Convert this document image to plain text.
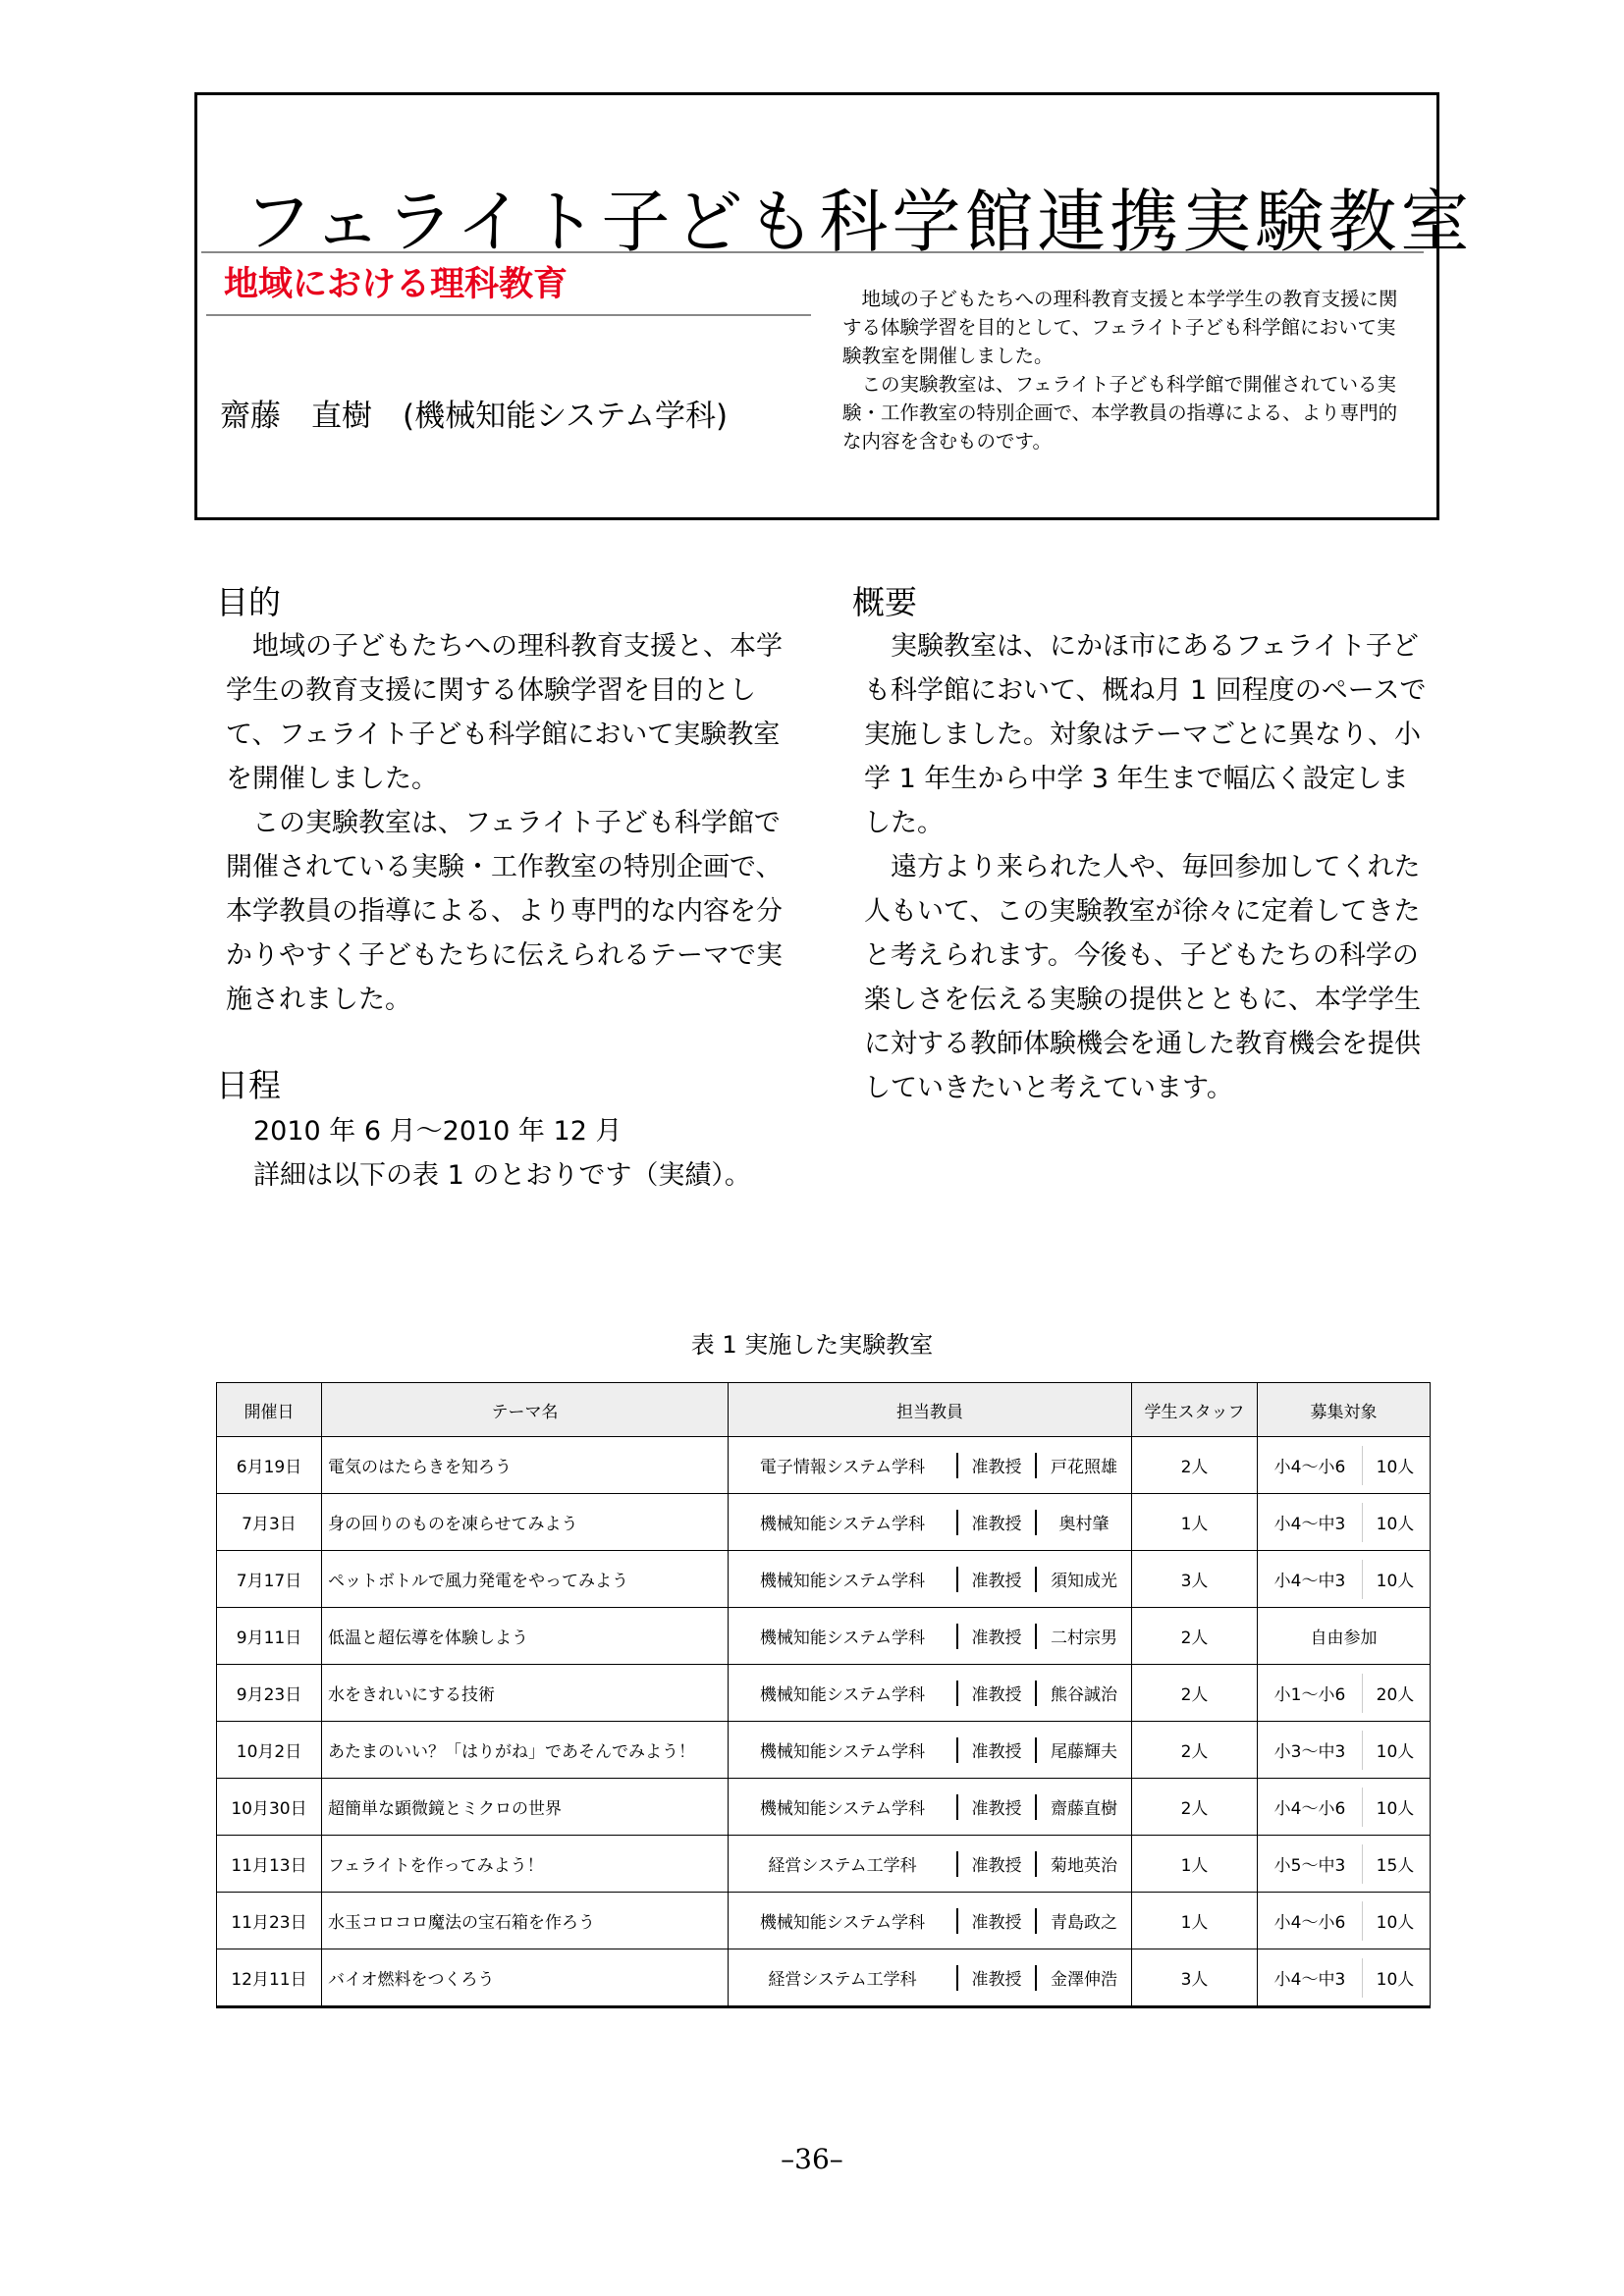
フェライト子ども科学館連携実験教室
地域における理科教育
齋藤　直樹　(機械知能システム学科)

地域の子どもたちへの理科教育支援と本学学生の教育支援に関する体験学習を目的として、フェライト子ども科学館において実験教室を開催しました。

この実験教室は、フェライト子ども科学館で開催されている実験・工作教室の特別企画で、本学教員の指導による、より専門的な内容を含むものです。

目的

地域の子どもたちへの理科教育支援と、本学学生の教育支援に関する体験学習を目的として、フェライト子ども科学館において実験教室を開催しました。

この実験教室は、フェライト子ども科学館で開催されている実験・工作教室の特別企画で、本学教員の指導による、より専門的な内容を分かりやすく子どもたちに伝えられるテーマで実施されました。

日程
2010 年 6 月～2010 年 12 月
詳細は以下の表 1 のとおりです（実績）。
概要

実験教室は、にかほ市にあるフェライト子ども科学館において、概ね月 1 回程度のペースで実施しました。対象はテーマごとに異なり、小学 1 年生から中学 3 年生まで幅広く設定しました。

遠方より来られた人や、毎回参加してくれた人もいて、この実験教室が徐々に定着してきたと考えられます。今後も、子どもたちの科学の楽しさを伝える実験の提供とともに、本学学生に対する教師体験機会を通した教育機会を提供していきたいと考えています。

表 1 実施した実験教室
開催日	テーマ名	担当教員	学生スタッフ	募集対象
6月19日	電気のはたらきを知ろう	電子情報システム学科 准教授 戸花照雄	2人	小4～小6 10人

7月3日	身の回りのものを凍らせてみよう	機械知能システム学科 准教授 奥村肇	1人	小4～中3 10人

7月17日	ペットボトルで風力発電をやってみよう	機械知能システム学科 准教授 須知成光	3人	小4～中3 10人

9月11日	低温と超伝導を体験しよう	機械知能システム学科 准教授 二村宗男	2人	自由参加

9月23日	水をきれいにする技術	機械知能システム学科 准教授 熊谷誠治	2人	小1～小6 20人

10月2日	あたまのいい？「はりがね」であそんでみよう！	機械知能システム学科 准教授 尾藤輝夫	2人	小3～中3 10人

10月30日	超簡単な顕微鏡とミクロの世界	機械知能システム学科 准教授 齋藤直樹	2人	小4～小6 10人

11月13日	フェライトを作ってみよう！	経営システム工学科 准教授 菊地英治	1人	小5～中3 15人

11月23日	水玉コロコロ魔法の宝石箱を作ろう	機械知能システム学科 准教授 青島政之	1人	小4～小6 10人

12月11日	バイオ燃料をつくろう	経営システム工学科 准教授 金澤伸浩	3人	小4～中3 10人
–36–
